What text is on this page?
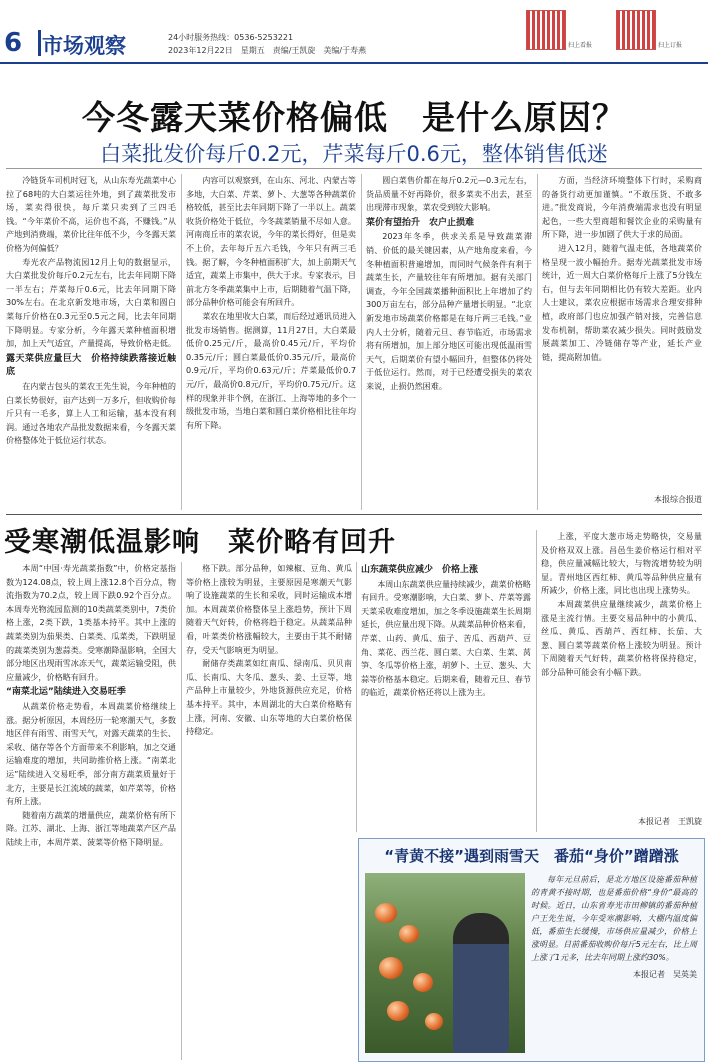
6 市场观察	24小时服务热线：0536-5253221
2023年12月22日　星期五　责编/王凯旋　美编/于寿燕
扫上看报	扫上订报
今冬露天菜价格偏低　是什么原因？
白菜批发价每斤0.2元，芹菜每斤0.6元，整体销售低迷

冷链货车司机时冠飞，从山东寿光蔬菜中心拉了68吨的大白菜运往外地，到了蔬菜批发市场，菜卖得很快，每斤菜只卖到了三四毛钱。“今年菜价不高，运价也不高，不赚钱。”从产地到消费端，菜价比往年低不少，今冬露天菜价格为何偏低？

寿光农产品物流园12月上旬的数据显示，大白菜批发价每斤0.2元左右，比去年同期下降一半左右；芹菜每斤0.6元，比去年同期下降30%左右。在北京新发地市场，大白菜和圆白菜每斤价格在0.3元至0.5元之间，比去年同期下降明显。专家分析，今年露天菜种植面积增加，加上天气适宜，产量提高，导致价格走低。

露天菜供应量巨大　价格持续跌落接近触底

在内蒙古包头的菜农王先生说，今年种植的白菜长势很好，亩产达到一万多斤，但收购价每斤只有一毛多，算上人工和运输，基本没有利润。通过各地农产品批发数据来看，今冬露天菜价格整体处于低位运行状态。

内容可以观察到，在山东、河北、内蒙古等多地，大白菜、芹菜、萝卜、大葱等各种蔬菜价格较低，甚至比去年同期下降了一半以上。蔬菜收货价格处于低位，今冬蔬菜销量不尽如人意。河南商丘市的菜农说，今年的菜长得好，但是卖不上价，去年每斤五六毛钱，今年只有两三毛钱。据了解，今冬种植面积扩大，加上前期天气适宜，蔬菜上市集中，供大于求。专家表示，目前北方冬季蔬菜集中上市，后期随着气温下降，部分品种价格可能会有所回升。

菜农在地里收大白菜，而后经过通讯员进入批发市场销售。据测算，11月27日，大白菜最低价0.25元/斤，最高价0.45元/斤，平均价0.35元/斤；圆白菜最低价0.35元/斤，最高价0.9元/斤，平均价0.63元/斤；芹菜最低价0.7元/斤，最高价0.8元/斤，平均价0.75元/斤。这样的现象并非个例，在浙江、上海等地的多个一级批发市场，当地白菜和圆白菜价格相比往年均有所下降。

圆白菜售价都在每斤0.2元—0.3元左右，货品质量不好再降价，很多菜卖不出去，甚至出现滞市现象，菜农受到较大影响。

菜价有望抬升　农户止损难

2023年冬季，供求关系是导致蔬菜滞销、价低的最关键因素，从产地角度来看，今冬种植面积普遍增加，而同时气候条件有利于蔬菜生长，产量较往年有所增加。据有关部门调查，今年全国蔬菜播种面积比上年增加了约300万亩左右，部分品种产量增长明显。“北京新发地市场蔬菜价格都是在每斤两三毛钱。”业内人士分析，随着元旦、春节临近，市场需求将有所增加，加上部分地区可能出现低温雨雪天气，后期菜价有望小幅回升，但整体仍将处于低位运行。然而，对于已经遭受损失的菜农来说，止损仍然困难。

方面，当经济环境整体下行时，采购商的备货行动更加谨慎。“不敢压货、不敢多进。”批发商说，今年消费端需求也没有明显起色，一些大型商超和餐饮企业的采购量有所下降，进一步加剧了供大于求的局面。

进入12月，随着气温走低，各地蔬菜价格呈现一波小幅抬升。据寿光蔬菜批发市场统计，近一周大白菜价格每斤上涨了5分钱左右，但与去年同期相比仍有较大差距。业内人士建议，菜农应根据市场需求合理安排种植，政府部门也应加强产销对接，完善信息发布机制，帮助菜农减少损失。同时鼓励发展蔬菜加工、冷链储存等产业，延长产业链，提高附加值。

本报综合报道
受寒潮低温影响　菜价略有回升

本周“中国·寿光蔬菜指数”中，价格定基指数为124.08点，较上周上涨12.8个百分点，物流指数为70.2点，较上周下跌0.92个百分点。本周寿光物流园监测的10类蔬菜类别中，7类价格上涨，2类下跌，1类基本持平。其中上涨的蔬菜类别为茄果类、白菜类、瓜菜类，下跌明显的蔬菜类别为葱蒜类。受寒潮降温影响，全国大部分地区出现雨雪冰冻天气，蔬菜运输受阻，供应量减少，价格略有回升。

“南菜北运”陆续进入交易旺季

从蔬菜价格走势看，本周蔬菜价格继续上涨。据分析原因，本周经历一轮寒潮天气，多数地区伴有雨雪、雨雪天气，对露天蔬菜的生长、采收、储存等各个方面带来不利影响，加之交通运输难度的增加，共同助推价格上涨。“南菜北运”陆续进入交易旺季，部分南方蔬菜质量好于北方，主要是长江流域的蔬菜，如芹菜等，价格有所上涨。

随着南方蔬菜的增量供应，蔬菜价格有所下降。江苏、湖北、上海、浙江等地蔬菜产区产品陆续上市，本周芹菜、菠菜等价格下降明显。

格下跌。部分品种，如辣椒、豆角、黄瓜等价格上涨较为明显，主要原因是寒潮天气影响了设施蔬菜的生长和采收，同时运输成本增加。本周蔬菜价格整体呈上涨趋势，预计下周随着天气好转，价格将趋于稳定。从蔬菜品种看，叶菜类价格涨幅较大，主要由于其不耐储存，受天气影响更为明显。

耐储存类蔬菜如红南瓜、绿南瓜、贝贝南瓜、长南瓜、大冬瓜、葱头、姜、土豆等，地产品种上市量较少，外地货源供应充足，价格基本持平。其中，本周湖北的大白菜价格略有上涨，河南、安徽、山东等地的大白菜价格保持稳定。

山东蔬菜供应减少　价格上涨

本周山东蔬菜供应量持续减少，蔬菜价格略有回升。受寒潮影响，大白菜、萝卜、芹菜等露天菜采收难度增加，加之冬季设施蔬菜生长周期延长，供应量出现下降。从蔬菜品种价格来看，芹菜、山药、黄瓜、茄子、苦瓜、西葫芦、豆角、菜花、西兰花、圆白菜、大白菜、生菜、莴笋、冬瓜等价格上涨，胡萝卜、土豆、葱头、大蒜等价格基本稳定。后期来看，随着元旦、春节的临近，蔬菜价格还将以上涨为主。

上涨，平度大葱市场走势略快，交易量及价格双双上涨。昌邑生姜价格运行相对平稳，供应量减幅比较大，与物流增势较为明显。青州地区西红柿、黄瓜等品种供应量有所减少，价格上涨，同比也出现上涨势头。

本周蔬菜供应量继续减少，蔬菜价格上涨是主流行情。主要交易品种中的小黄瓜、丝瓜、黄瓜、西葫芦、西红柿、长茄、大葱、圆白菜等蔬菜价格上涨较为明显。预计下周随着天气好转，蔬菜价格将保持稳定，部分品种可能会有小幅下跌。

本报记者　王凯旋
“青黄不接”遇到雨雪天　番茄“身价”蹭蹭涨

每年元旦前后，是北方地区设施番茄种植的青黄不接时期，也是番茄价格“身价”最高的时候。近日，山东省寿光市田柳镇的番茄种植户王先生说，今年受寒潮影响，大棚内温度偏低，番茄生长缓慢，市场供应量减少，价格上涨明显。目前番茄收购价每斤5元左右，比上周上涨了1元多，比去年同期上涨约30%。

本报记者　吴英美
